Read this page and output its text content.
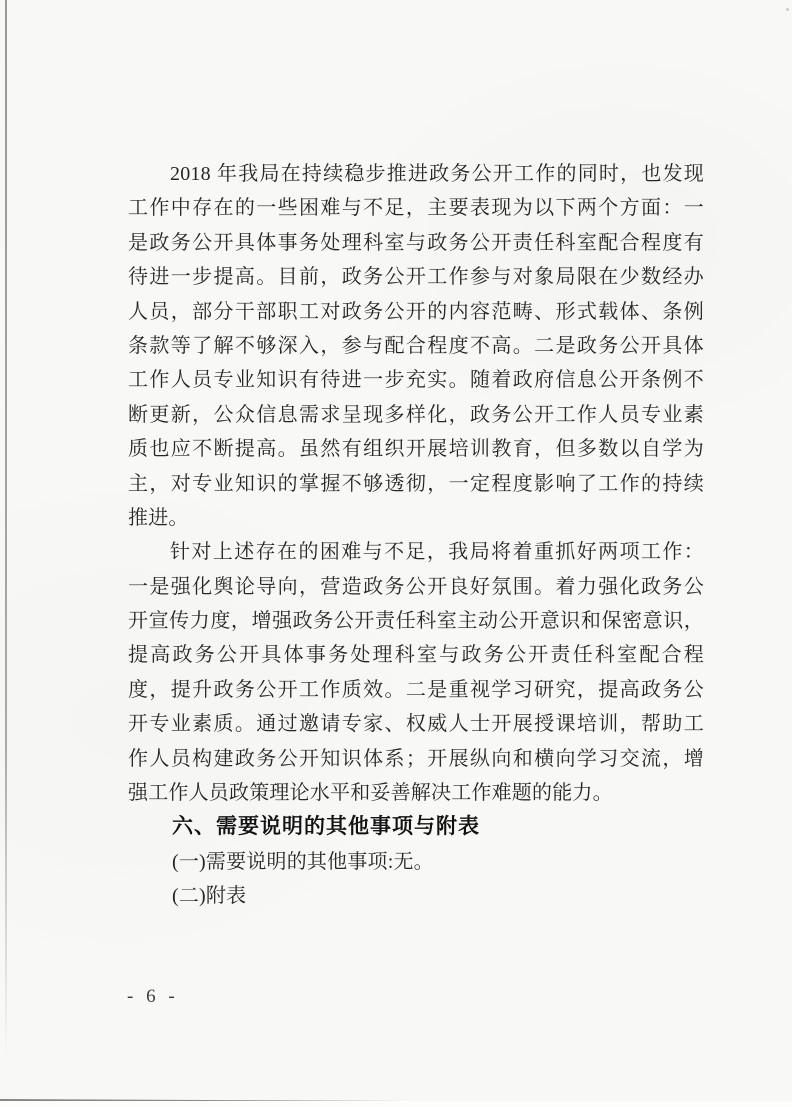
2018 年我局在持续稳步推进政务公开工作的同时，也发现
工作中存在的一些困难与不足，主要表现为以下两个方面：一
是政务公开具体事务处理科室与政务公开责任科室配合程度有
待进一步提高。目前，政务公开工作参与对象局限在少数经办
人员，部分干部职工对政务公开的内容范畴、形式载体、条例
条款等了解不够深入，参与配合程度不高。二是政务公开具体
工作人员专业知识有待进一步充实。随着政府信息公开条例不
断更新，公众信息需求呈现多样化，政务公开工作人员专业素
质也应不断提高。虽然有组织开展培训教育，但多数以自学为
主，对专业知识的掌握不够透彻，一定程度影响了工作的持续
推进。
针对上述存在的困难与不足，我局将着重抓好两项工作：
一是强化舆论导向，营造政务公开良好氛围。着力强化政务公
开宣传力度，增强政务公开责任科室主动公开意识和保密意识，
提高政务公开具体事务处理科室与政务公开责任科室配合程
度，提升政务公开工作质效。二是重视学习研究，提高政务公
开专业素质。通过邀请专家、权威人士开展授课培训，帮助工
作人员构建政务公开知识体系；开展纵向和横向学习交流，增
强工作人员政策理论水平和妥善解决工作难题的能力。
六、需要说明的其他事项与附表
(一)需要说明的其他事项:无。
(二)附表
- 6 -
